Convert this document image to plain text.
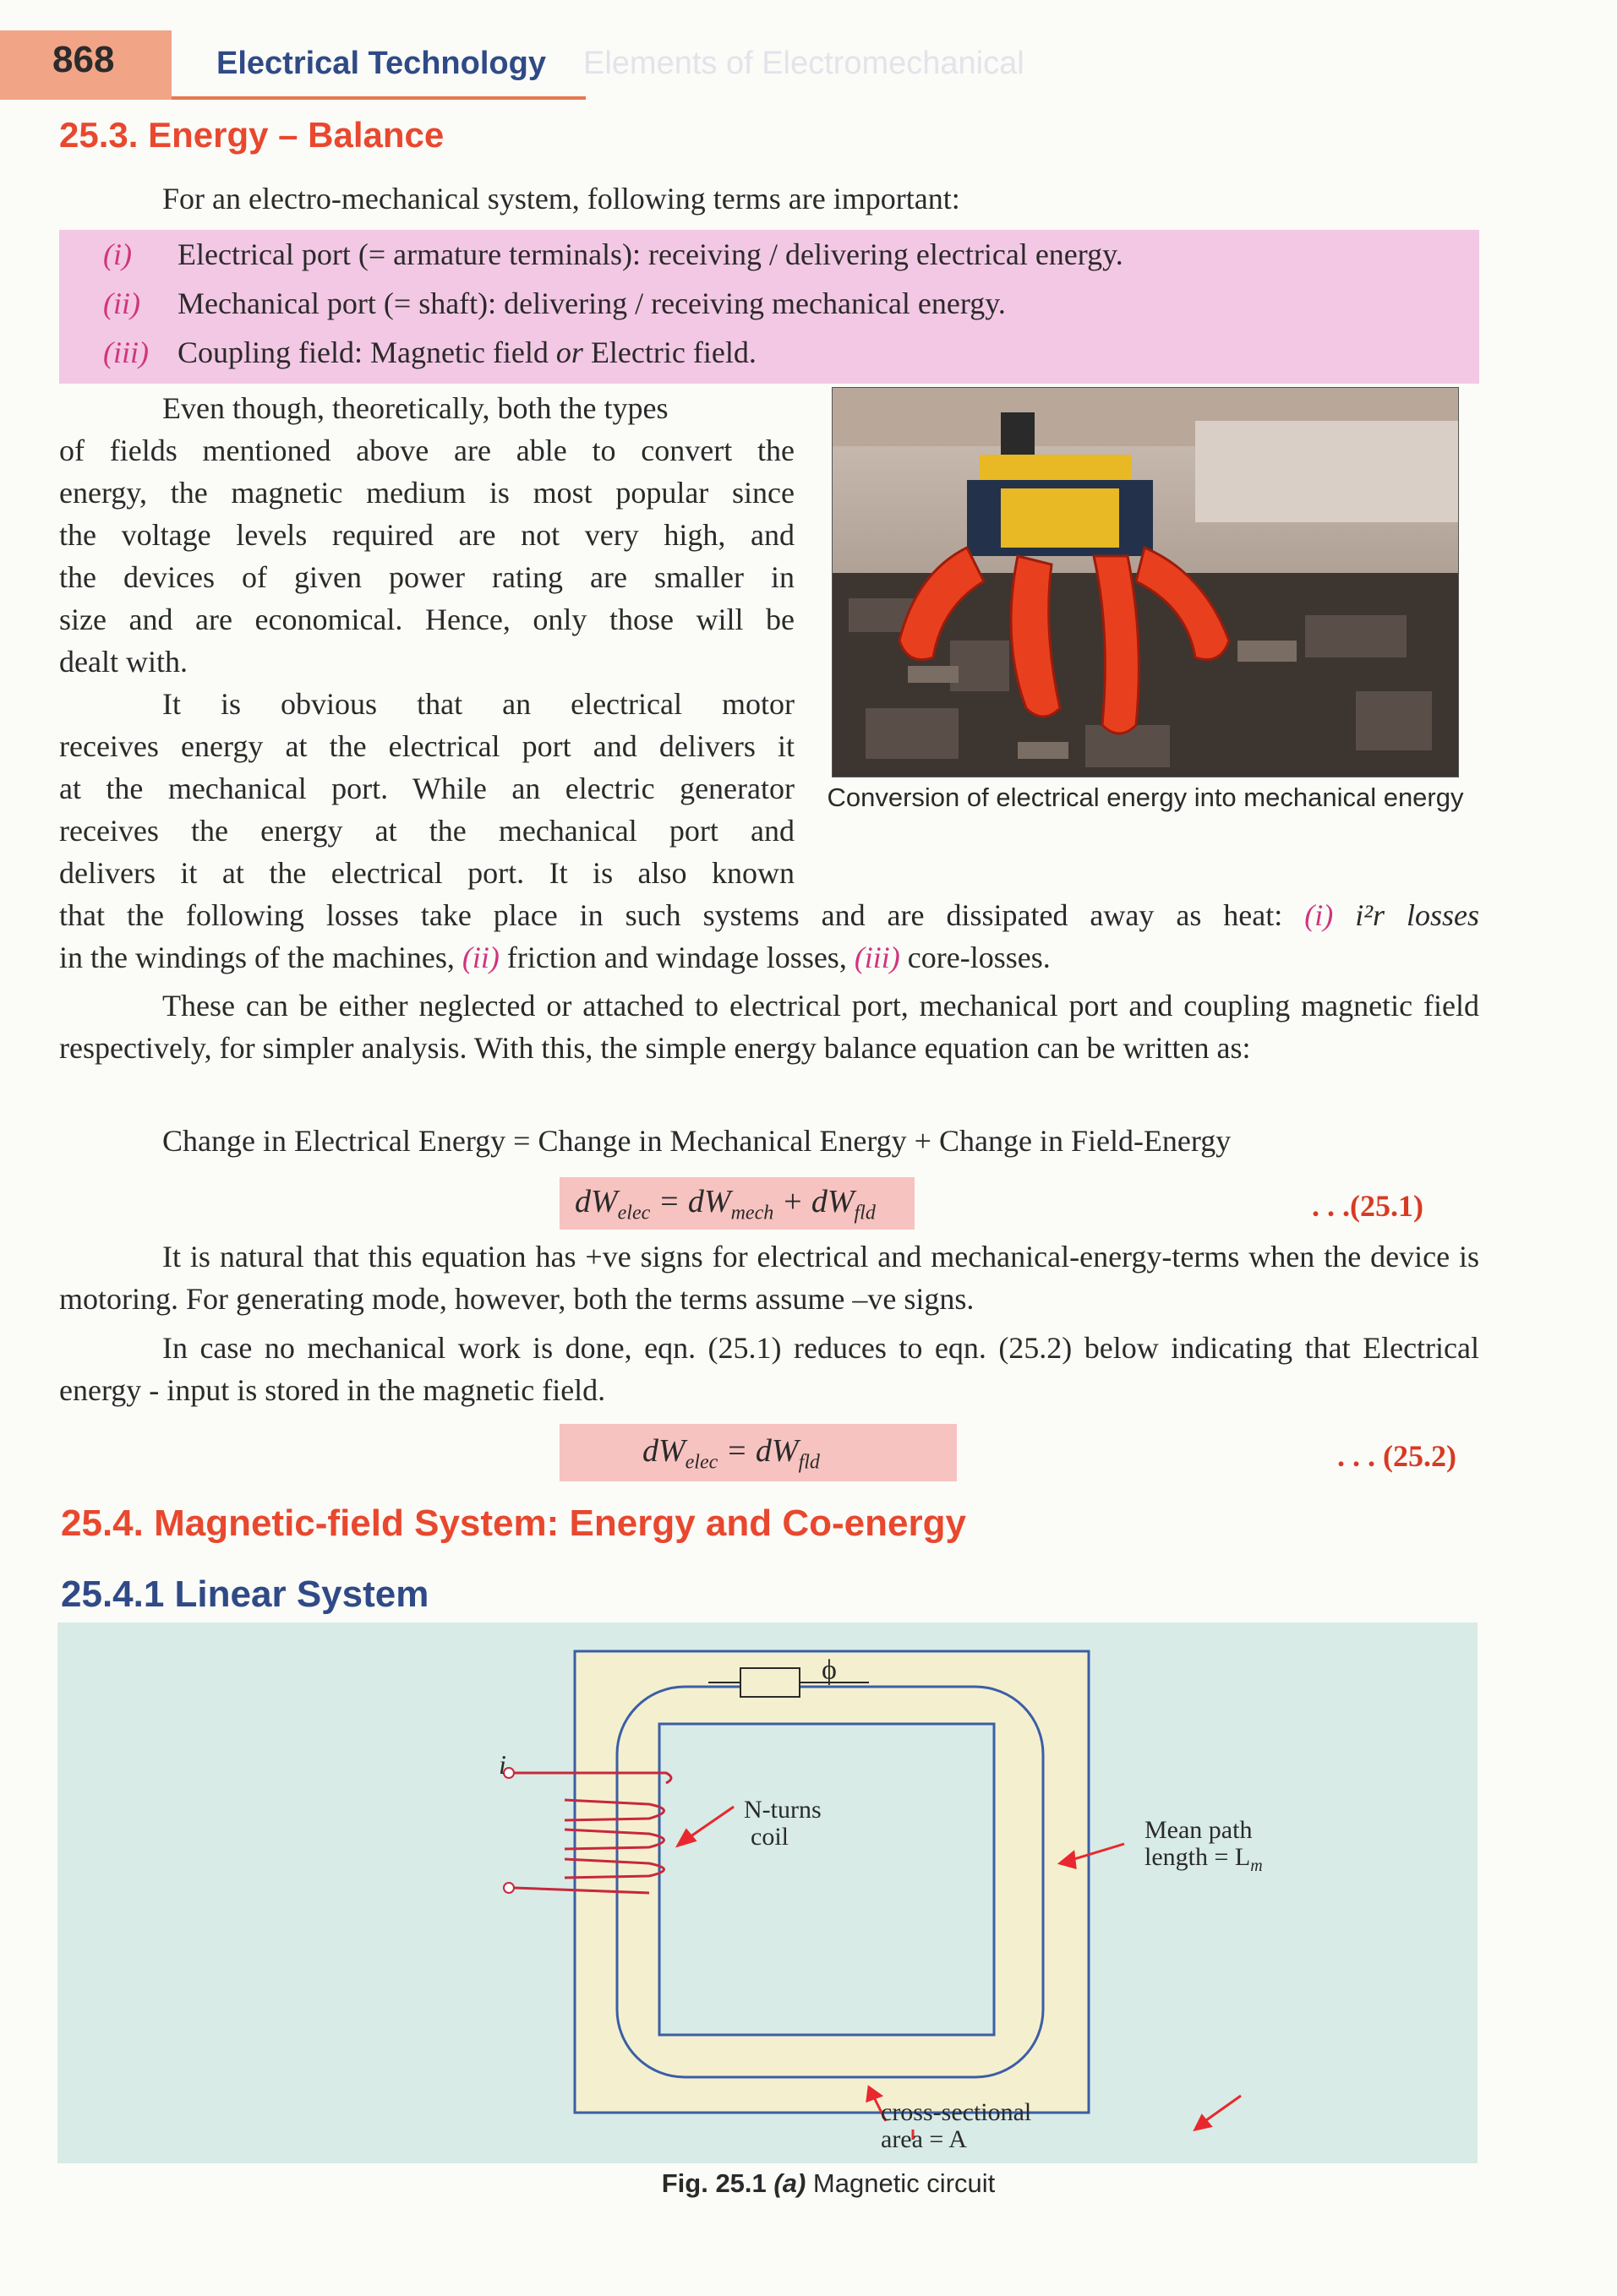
868	Electrical Technology Elements of Electromechanical
25.3. Energy – Balance
For an electro-mechanical system, following terms are important:
(i) Electrical port (= armature terminals): receiving / delivering electrical energy.
(ii) Mechanical port (= shaft): delivering / receiving mechanical energy.
(iii) Coupling field: Magnetic field or Electric field.
Even though, theoretically, both the types
of fields mentioned above are able to convert the
energy, the magnetic medium is most popular since
the voltage levels required are not very high, and
the devices of given power rating are smaller in
size and are economical. Hence, only those will be
dealt with.
It is obvious that an electrical motor
receives energy at the electrical port and delivers it
at the mechanical port. While an electric generator
receives the energy at the mechanical port and
delivers it at the electrical port. It is also known
Conversion of electrical energy into mechanical energy
that the following losses take place in such systems and are dissipated away as heat: (i) i²r losses
in the windings of the machines, (ii) friction and windage losses, (iii) core-losses.
These can be either neglected or attached to electrical port, mechanical port and coupling magnetic field respectively, for simpler analysis. With this, the simple energy balance equation can be written as:
Change in Electrical Energy = Change in Mechanical Energy + Change in Field-Energy
$dW_{elec} = dW_{mech} + dW_{fld}$	. . .(25.1)
It is natural that this equation has +ve signs for electrical and mechanical-energy-terms when the device is motoring. For generating mode, however, both the terms assume –ve signs.
In case no mechanical work is done, eqn. (25.1) reduces to eqn. (25.2) below indicating that Electrical energy - input is stored in the magnetic field.
$dW_{elec} = dW_{fld}$	. . . (25.2)
25.4. Magnetic-field System: Energy and Co-energy
25.4.1 Linear System
ϕ
i
N-turns
coil	Mean path
length = $L_m$
cross-sectional
area = A
Fig. 25.1 (a) Magnetic circuit
